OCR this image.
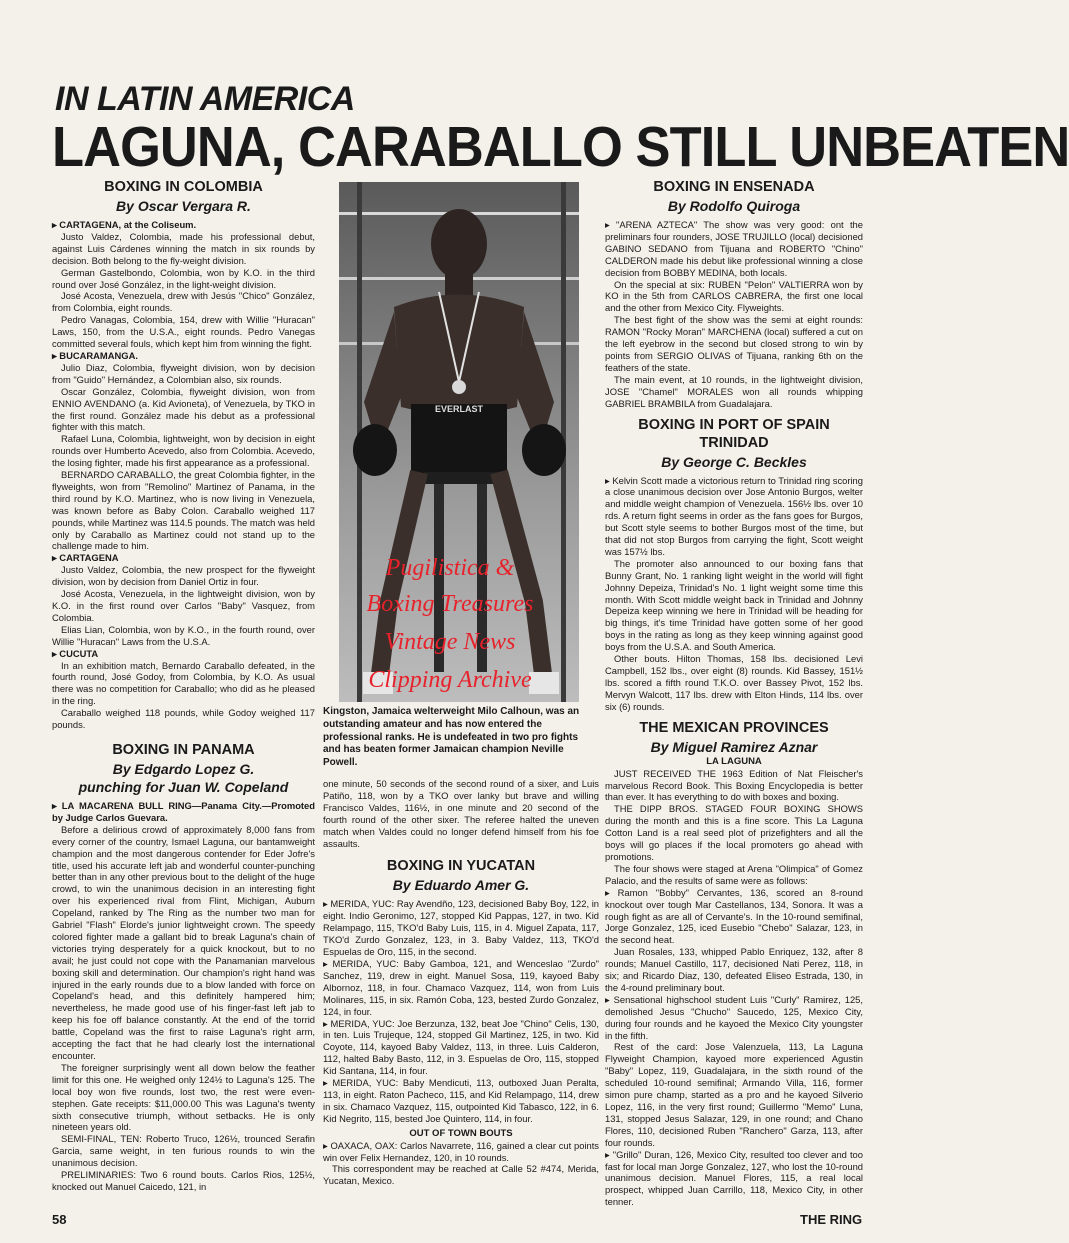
IN LATIN AMERICA
LAGUNA, CARABALLO STILL UNBEATEN
BOXING IN COLOMBIA
By Oscar Vergara R.

▸ CARTAGENA, at the Coliseum.

Justo Valdez, Colombia, made his professional debut, against Luis Cárdenes winning the match in six rounds by decision. Both belong to the fly-weight division.

German Gastelbondo, Colombia, won by K.O. in the third round over José González, in the light-weight division.

José Acosta, Venezuela, drew with Jesús "Chico" González, from Colombia, eight rounds.

Pedro Vanagas, Colombia, 154, drew with Willie "Huracan" Laws, 150, from the U.S.A., eight rounds. Pedro Vanegas committed several fouls, which kept him from winning the fight.

▸ BUCARAMANGA.

Julio Diaz, Colombia, flyweight division, won by decision from "Guido" Hernández, a Colombian also, six rounds.

Oscar González, Colombia, flyweight division, won from ENNIO AVENDANO (a. Kid Avioneta), of Venezuela, by TKO in the first round. González made his debut as a professional fighter with this match.

Rafael Luna, Colombia, lightweight, won by decision in eight rounds over Humberto Acevedo, also from Colombia. Acevedo, the losing fighter, made his first appearance as a professional.

BERNARDO CARABALLO, the great Colombia fighter, in the flyweights, won from "Remolino" Martinez of Panama, in the third round by K.O. Martinez, who is now living in Venezuela, was known before as Baby Colon. Caraballo weighed 117 pounds, while Martinez was 114.5 pounds. The match was held only by Caraballo as Martinez could not stand up to the challenge made to him.

▸ CARTAGENA

Justo Valdez, Colombia, the new prospect for the flyweight division, won by decision from Daniel Ortiz in four.

José Acosta, Venezuela, in the lightweight division, won by K.O. in the first round over Carlos "Baby" Vasquez, from Colombia.

Elias Lian, Colombia, won by K.O., in the fourth round, over Willie "Huracan" Laws from the U.S.A.

▸ CUCUTA

In an exhibition match, Bernardo Caraballo defeated, in the fourth round, José Godoy, from Colombia, by K.O. As usual there was no competition for Caraballo; who did as he pleased in the ring.

Caraballo weighed 118 pounds, while Godoy weighed 117 pounds.

BOXING IN PANAMA
By Edgardo Lopez G.
punching for Juan W. Copeland

▸ LA MACARENA BULL RING—Panama City.—Promoted by Judge Carlos Guevara.

Before a delirious crowd of approximately 8,000 fans from every corner of the country, Ismael Laguna, our bantamweight champion and the most dangerous contender for Eder Jofre's title, used his accurate left jab and wonderful counter-punching better than in any other previous bout to the delight of the huge crowd, to win the unanimous decision in an interesting fight over his experienced rival from Flint, Michigan, Auburn Copeland, ranked by The Ring as the number two man for Gabriel "Flash" Elorde's junior lightweight crown. The speedy colored fighter made a gallant bid to break Laguna's chain of victories trying desperately for a quick knockout, but to no avail; he just could not cope with the Panamanian marvelous boxing skill and determination. Our champion's right hand was injured in the early rounds due to a blow landed with force on Copeland's head, and this definitely hampered him; nevertheless, he made good use of his finger-fast left jab to keep his foe off balance constantly. At the end of the torrid battle, Copeland was the first to raise Laguna's right arm, accepting the fact that he had clearly lost the international encounter.

The foreigner surprisingly went all down below the feather limit for this one. He weighed only 124½ to Laguna's 125. The local boy won five rounds, lost two, the rest were even-stephen. Gate receipts: $11,000.00 This was Laguna's twenty sixth consecutive triumph, without setbacks. He is only nineteen years old.

SEMI-FINAL, TEN: Roberto Truco, 126½, trounced Serafin Garcia, same weight, in ten furious rounds to win the unanimous decision.

PRELIMINARIES: Two 6 round bouts. Carlos Rios, 125½, knocked out Manuel Caicedo, 121, in

EVERLAST
Pugilistica &
Boxing Treasures
Vintage News
Clipping Archive
Kingston, Jamaica welterweight Milo Calhoun, was an outstanding amateur and has now entered the professional ranks. He is undefeated in two pro fights and has beaten former Jamaican champion Neville Powell.

one minute, 50 seconds of the second round of a sixer, and Luis Patiño, 118, won by a TKO over lanky but brave and willing Francisco Valdes, 116½, in one minute and 20 second of the fourth round of the other sixer. The referee halted the uneven match when Valdes could no longer defend himself from his foe assaults.

BOXING IN YUCATAN
By Eduardo Amer G.

▸ MERIDA, YUC: Ray Avendño, 123, decisioned Baby Boy, 122, in eight. Indio Geronimo, 127, stopped Kid Pappas, 127, in two. Kid Relampago, 115, TKO'd Baby Luis, 115, in 4. Miguel Zapata, 117, TKO'd Zurdo Gonzalez, 123, in 3. Baby Valdez, 113, TKO'd Espuelas de Oro, 115, in the second.

▸ MERIDA, YUC: Baby Gamboa, 121, and Wenceslao "Zurdo" Sanchez, 119, drew in eight. Manuel Sosa, 119, kayoed Baby Albornoz, 118, in four. Chamaco Vazquez, 114, won from Luis Molinares, 115, in six. Ramón Coba, 123, bested Zurdo Gonzalez, 124, in four.

▸ MERIDA, YUC: Joe Berzunza, 132, beat Joe "Chino" Celis, 130, in ten. Luis Trujeque, 124, stopped Gil Martinez, 125, in two. Kid Coyote, 114, kayoed Baby Valdez, 113, in three. Luis Calderon, 112, halted Baby Basto, 112, in 3. Espuelas de Oro, 115, stopped Kid Santana, 114, in four.

▸ MERIDA, YUC: Baby Mendicuti, 113, outboxed Juan Peralta, 113, in eight. Raton Pacheco, 115, and Kid Relampago, 114, drew in six. Chamaco Vazquez, 115, outpointed Kid Tabasco, 122, in 6. Kid Negrito, 115, bested Joe Quintero, 114, in four.

OUT OF TOWN BOUTS

▸ OAXACA, OAX: Carlos Navarrete, 116, gained a clear cut points win over Felix Hernandez, 120, in 10 rounds.

This correspondent may be reached at Calle 52 #474, Merida, Yucatan, Mexico.

BOXING IN ENSENADA
By Rodolfo Quiroga

▸ "ARENA AZTECA" The show was very good: ont the preliminars four rounders, JOSE TRUJILLO (local) decisioned GABINO SEDANO from Tijuana and ROBERTO "Chino" CALDERON made his debut like professional winning a close decision from BOBBY MEDINA, both locals.

On the special at six: RUBEN "Pelon" VALTIERRA won by KO in the 5th from CARLOS CABRERA, the first one local and the other from Mexico City. Flyweights.

The best fight of the show was the semi at eight rounds: RAMON "Rocky Moran" MARCHENA (local) suffered a cut on the left eyebrow in the second but closed strong to win by points from SERGIO OLIVAS of Tijuana, ranking 6th on the feathers of the state.

The main event, at 10 rounds, in the lightweight division, JOSE "Chamel" MORALES won all rounds whipping GABRIEL BRAMBILA from Guadalajara.

BOXING IN PORT OF SPAIN
TRINIDAD
By George C. Beckles

▸ Kelvin Scott made a victorious return to Trinidad ring scoring a close unanimous decision over Jose Antonio Burgos, welter and middle weight champion of Venezuela. 156½ lbs. over 10 rds. A return fight seems in order as the fans goes for Burgos, but Scott style seems to bother Burgos most of the time, but that did not stop Burgos from carrying the fight, Scott weight was 157½ lbs.

The promoter also announced to our boxing fans that Bunny Grant, No. 1 ranking light weight in the world will fight Johnny Depeiza, Trinidad's No. 1 light weight some time this month. With Scott middle weight back in Trinidad and Johnny Depeiza keep winning we here in Trinidad will be heading for big things, it's time Trinidad have gotten some of her good boys in the rating as long as they keep winning against good boys from the U.S.A. and South America.

Other bouts. Hilton Thomas, 158 lbs. decisioned Levi Campbell, 152 lbs., over eight (8) rounds. Kid Bassey, 151½ lbs. scored a fifth round T.K.O. over Bassey Pivot, 152 lbs. Mervyn Walcott, 117 lbs. drew with Elton Hinds, 114 lbs. over six (6) rounds.

THE MEXICAN PROVINCES
By Miguel Ramirez Aznar
LA LAGUNA

JUST RECEIVED THE 1963 Edition of Nat Fleischer's marvelous Record Book. This Boxing Encyclopedia is better than ever. It has everything to do with boxes and boxing.

THE DIPP BROS. STAGED FOUR BOXING SHOWS during the month and this is a fine score. This La Laguna Cotton Land is a real seed plot of prizefighters and all the boys will go places if the local promoters go ahead with promotions.

The four shows were staged at Arena "Olimpica" of Gomez Palacio, and the results of same were as follows:

▸ Ramon "Bobby" Cervantes, 136, scored an 8-round knockout over tough Mar Castellanos, 134, Sonora. It was a rough fight as are all of Cervante's. In the 10-round semifinal, Jorge Gonzalez, 125, iced Eusebio "Chebo" Salazar, 123, in the second heat.

Juan Rosales, 133, whipped Pablo Enriquez, 132, after 8 rounds; Manuel Castillo, 117, decisioned Nati Perez, 118, in six; and Ricardo Diaz, 130, defeated Eliseo Estrada, 130, in the 4-round preliminary bout.

▸ Sensational highschool student Luis "Curly" Ramirez, 125, demolished Jesus "Chucho" Saucedo, 125, Mexico City, during four rounds and he kayoed the Mexico City youngster in the fifth.

Rest of the card: Jose Valenzuela, 113, La Laguna Flyweight Champion, kayoed more experienced Agustin "Baby" Lopez, 119, Guadalajara, in the sixth round of the scheduled 10-round semifinal; Armando Villa, 116, former simon pure champ, started as a pro and he kayoed Silverio Lopez, 116, in the very first round; Guillermo "Memo" Luna, 131, stopped Jesus Salazar, 129, in one round; and Chano Flores, 110, decisioned Ruben "Ranchero" Garza, 113, after four rounds.

▸ "Grillo" Duran, 126, Mexico City, resulted too clever and too fast for local man Jorge Gonzalez, 127, who lost the 10-round unanimous decision. Manuel Flores, 115, a real local prospect, whipped Juan Carrillo, 118, Mexico City, in other tenner.

58	THE RING
